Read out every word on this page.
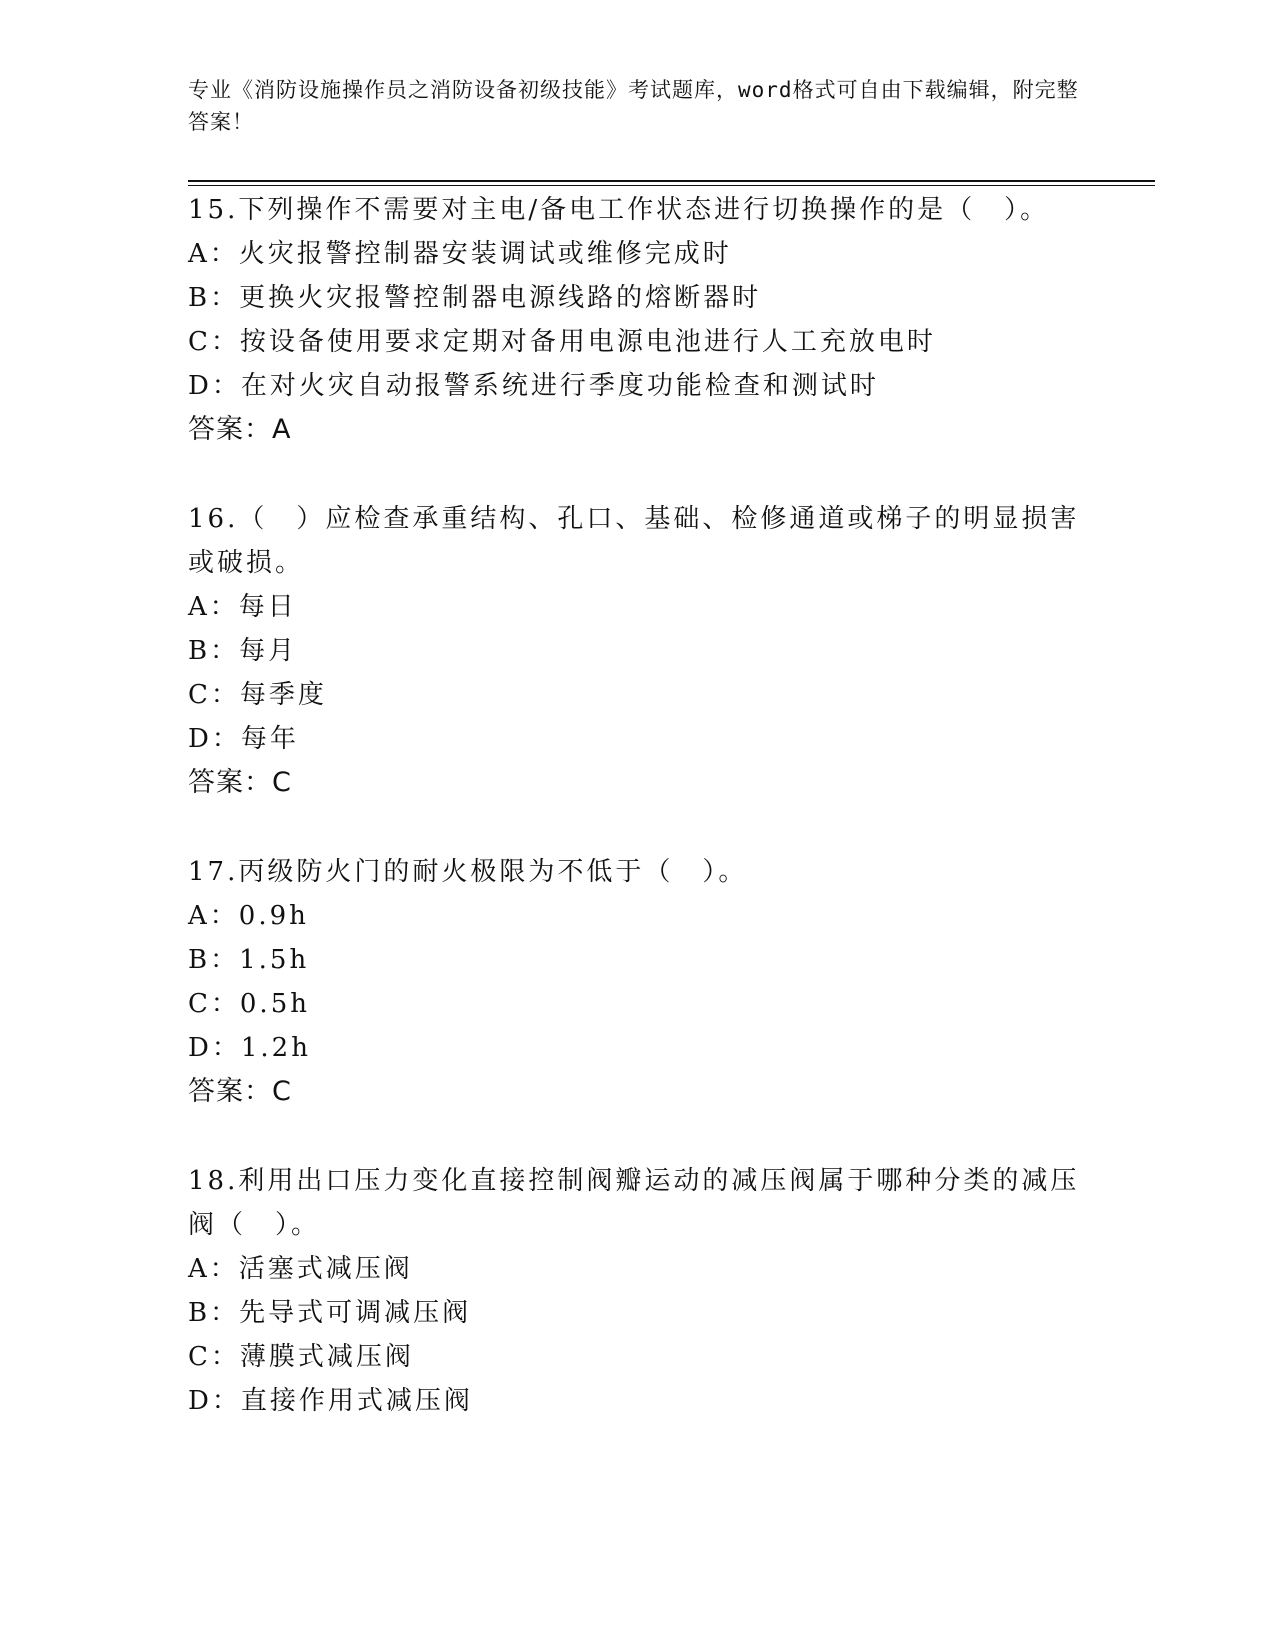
专业《消防设施操作员之消防设备初级技能》考试题库，word格式可自由下载编辑，附完整答案！
15.下列操作不需要对主电/备电工作状态进行切换操作的是（　）。
A：火灾报警控制器安装调试或维修完成时
B：更换火灾报警控制器电源线路的熔断器时
C：按设备使用要求定期对备用电源电池进行人工充放电时
D：在对火灾自动报警系统进行季度功能检查和测试时
答案：A
16.（　）应检查承重结构、孔口、基础、检修通道或梯子的明显损害
或破损。
A：每日
B：每月
C：每季度
D：每年
答案：C
17.丙级防火门的耐火极限为不低于（　）。
A：0.9h
B：1.5h
C：0.5h
D：1.2h
答案：C
18.利用出口压力变化直接控制阀瓣运动的减压阀属于哪种分类的减压
阀（　）。
A：活塞式减压阀
B：先导式可调减压阀
C：薄膜式减压阀
D：直接作用式减压阀
